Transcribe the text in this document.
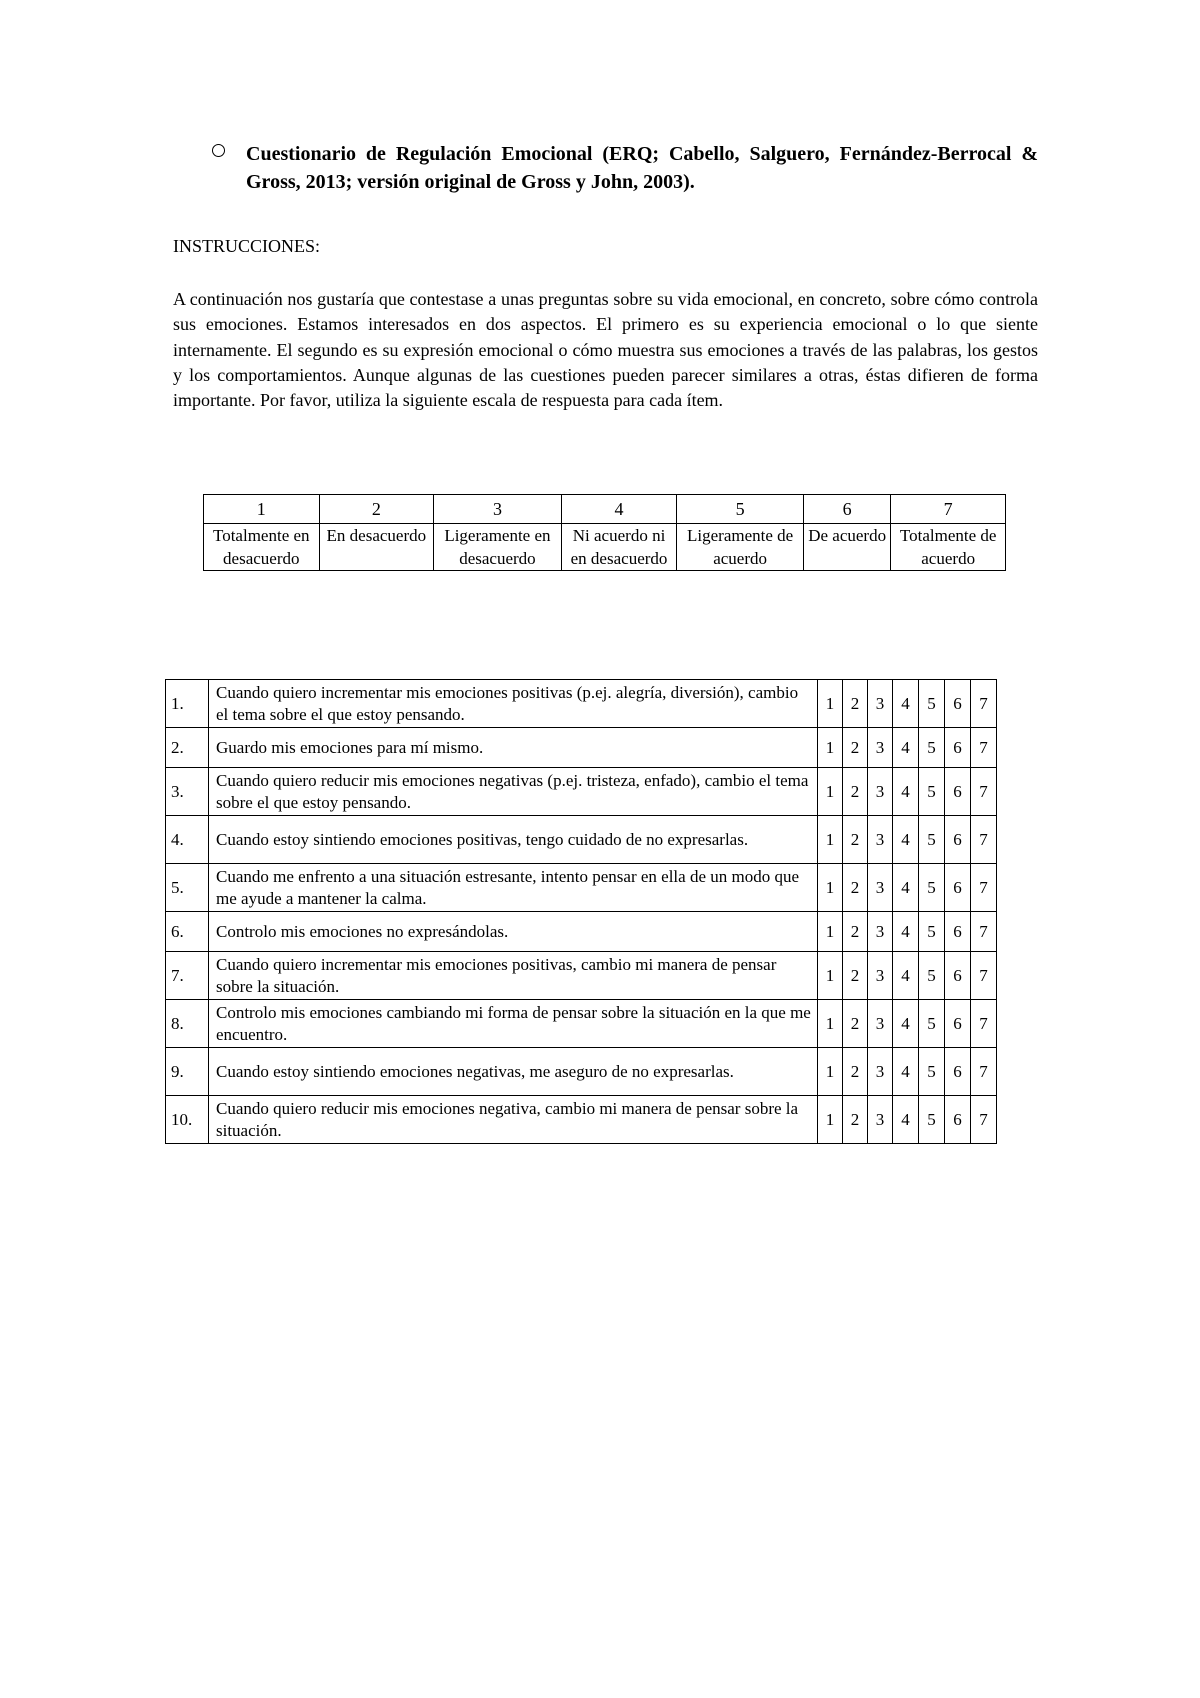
Cuestionario de Regulación Emocional (ERQ; Cabello, Salguero, Fernández-Berrocal & Gross, 2013; versión original de Gross y John, 2003).
INSTRUCCIONES:
A continuación nos gustaría que contestase a unas preguntas sobre su vida emocional, en concreto, sobre cómo controla sus emociones. Estamos interesados en dos aspectos. El primero es su experiencia emocional o lo que siente internamente. El segundo es su expresión emocional o cómo muestra sus emociones a través de las palabras, los gestos y los comportamientos. Aunque algunas de las cuestiones pueden parecer similares a otras, éstas difieren de forma importante. Por favor, utiliza la siguiente escala de respuesta para cada ítem.
1	2	3	4	5	6	7
Totalmente en desacuerdo	En desacuerdo	Ligeramente en desacuerdo	Ni acuerdo ni en desacuerdo	Ligeramente de acuerdo	De acuerdo	Totalmente de acuerdo
1.	Cuando quiero incrementar mis emociones positivas (p.ej. alegría, diversión), cambio el tema sobre el que estoy pensando.	1	2	3	4	5	6	7
2.	Guardo mis emociones para mí mismo.	1	2	3	4	5	6	7
3.	Cuando quiero reducir mis emociones negativas (p.ej. tristeza, enfado), cambio el tema sobre el que estoy pensando.	1	2	3	4	5	6	7
4.	Cuando estoy sintiendo emociones positivas, tengo cuidado de no expresarlas.	1	2	3	4	5	6	7
5.	Cuando me enfrento a una situación estresante, intento pensar en ella de un modo que me ayude a mantener la calma.	1	2	3	4	5	6	7
6.	Controlo mis emociones no expresándolas.	1	2	3	4	5	6	7
7.	Cuando quiero incrementar mis emociones positivas, cambio mi manera de pensar sobre la situación.	1	2	3	4	5	6	7
8.	Controlo mis emociones cambiando mi forma de pensar sobre la situación en la que me encuentro.	1	2	3	4	5	6	7
9.	Cuando estoy sintiendo emociones negativas, me aseguro de no expresarlas.	1	2	3	4	5	6	7
10.	Cuando quiero reducir mis emociones negativa, cambio mi manera de pensar sobre la situación.	1	2	3	4	5	6	7
